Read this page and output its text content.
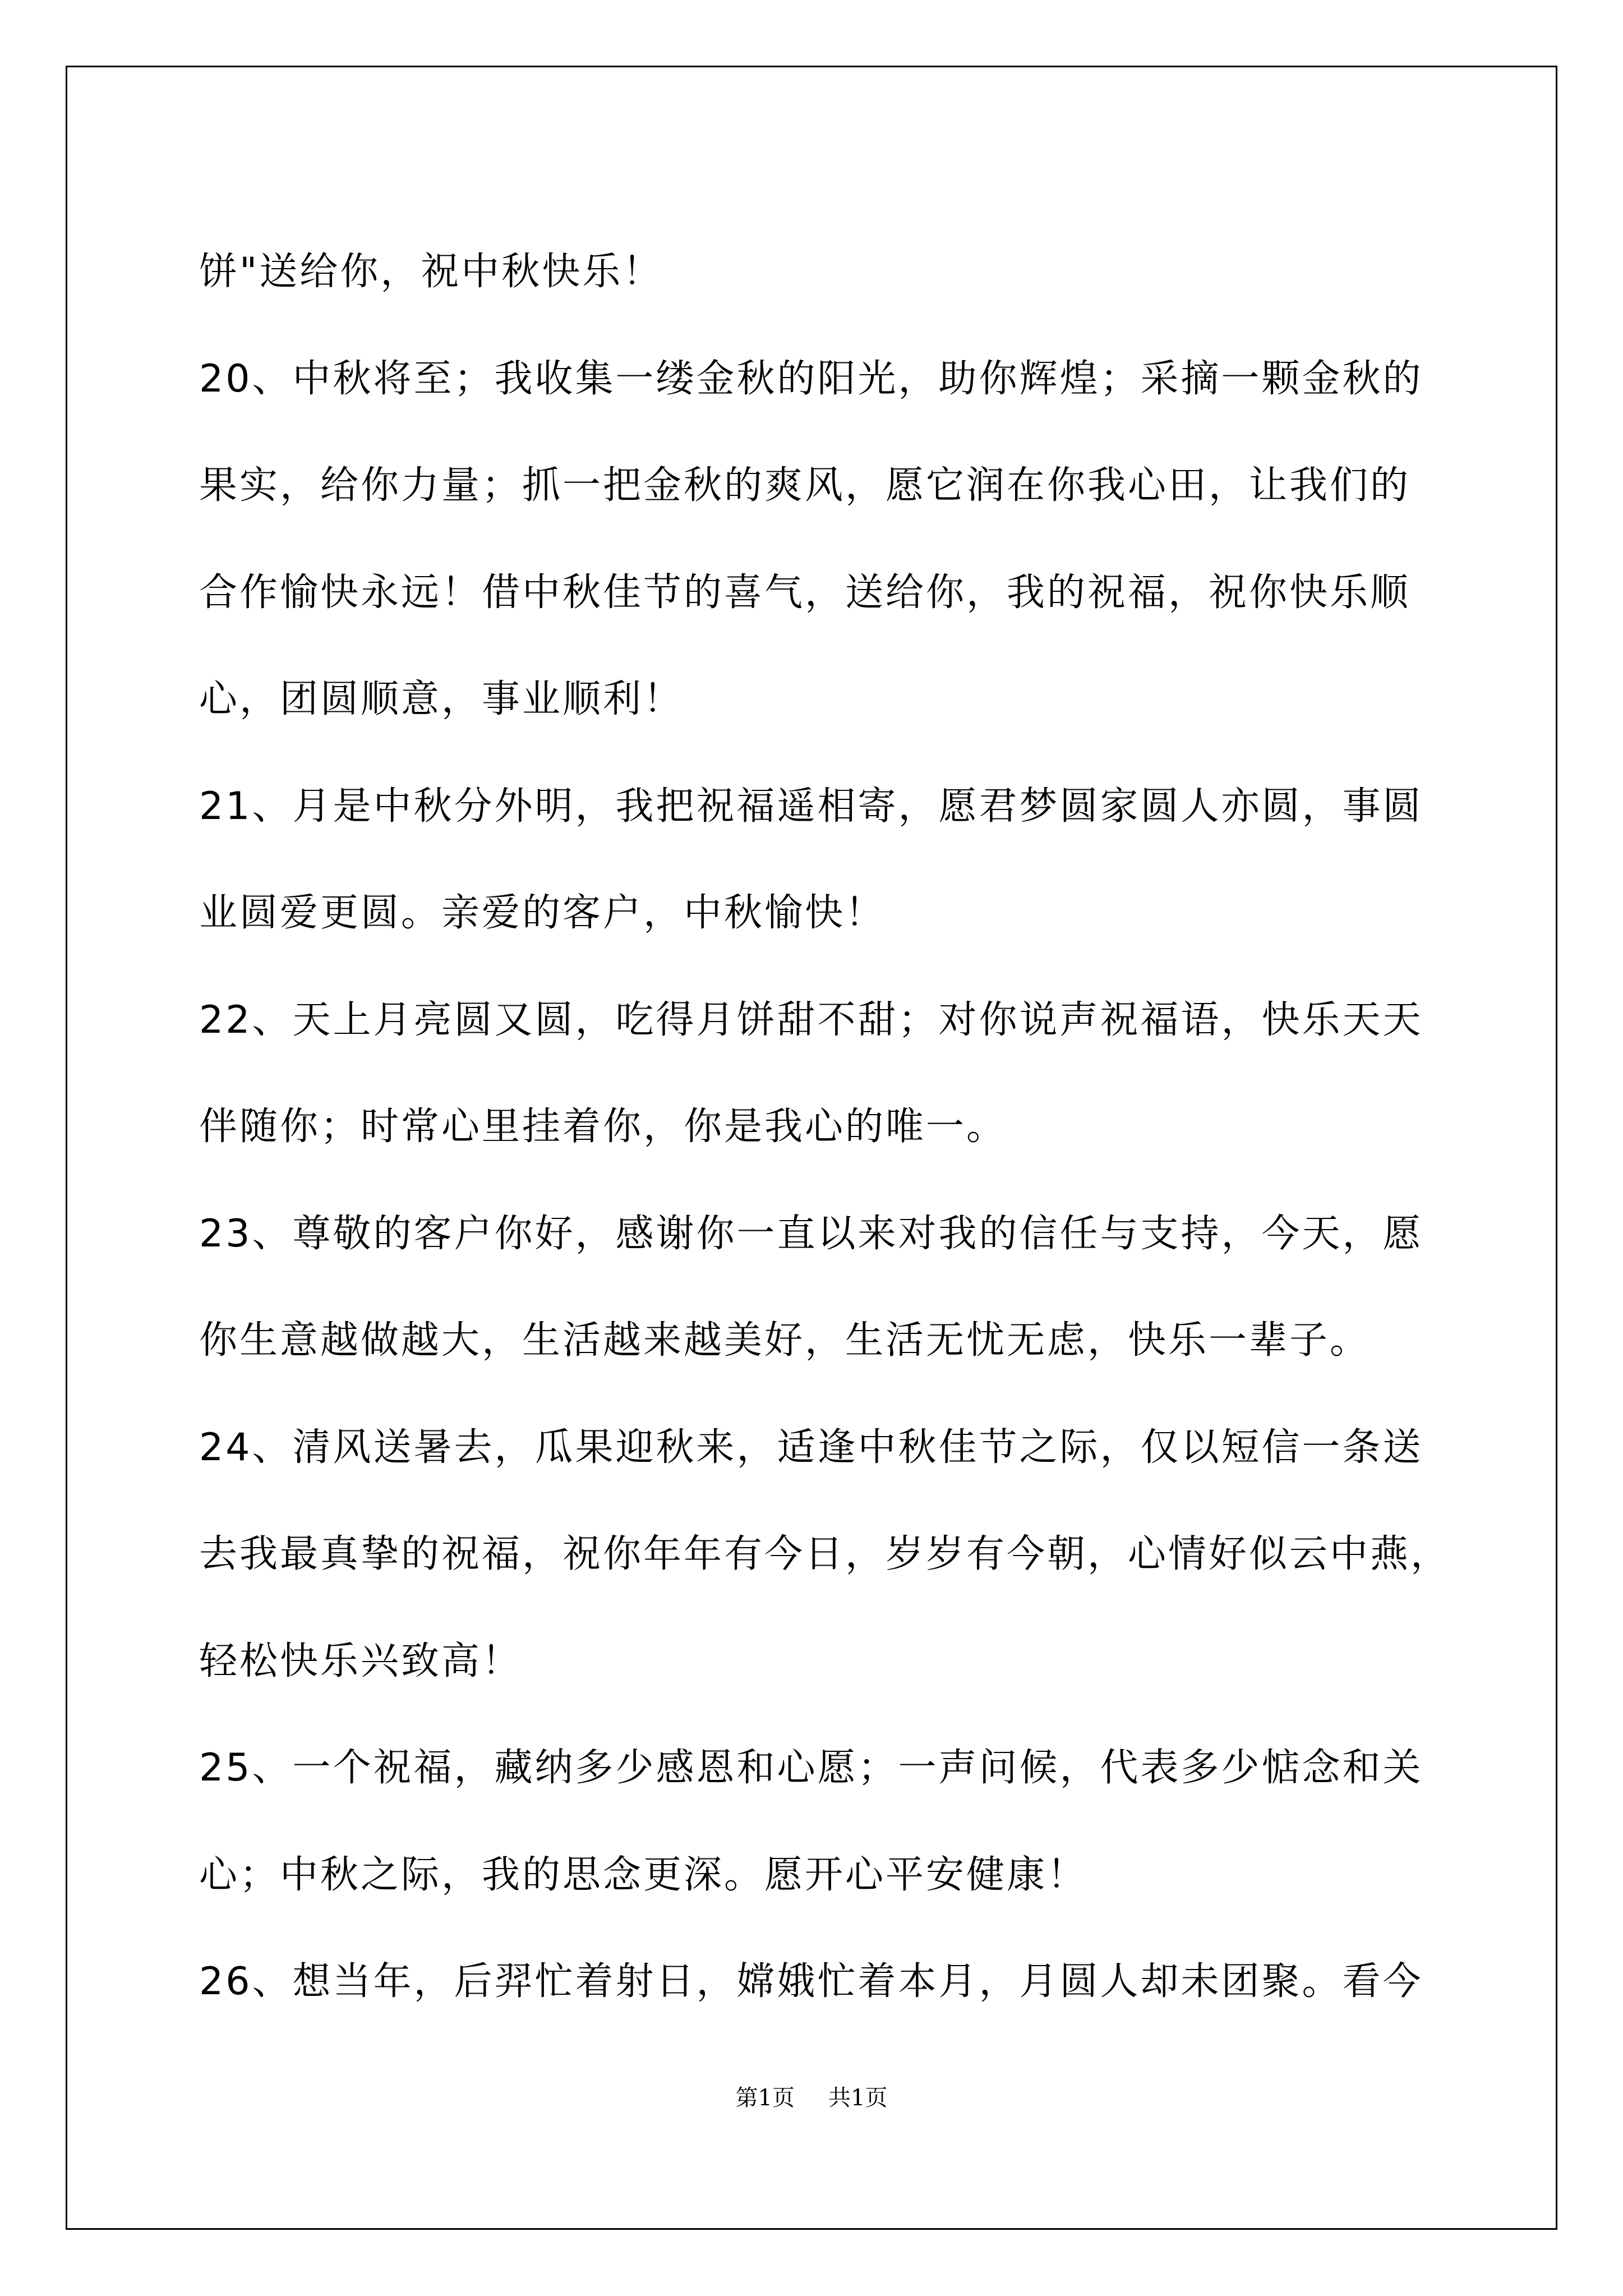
饼"送给你，祝中秋快乐！
20、中秋将至；我收集一缕金秋的阳光，助你辉煌；采摘一颗金秋的
果实，给你力量；抓一把金秋的爽风，愿它润在你我心田，让我们的
合作愉快永远！借中秋佳节的喜气，送给你，我的祝福，祝你快乐顺
心，团圆顺意，事业顺利！
21、月是中秋分外明，我把祝福遥相寄，愿君梦圆家圆人亦圆，事圆
业圆爱更圆。亲爱的客户，中秋愉快！
22、天上月亮圆又圆，吃得月饼甜不甜；对你说声祝福语，快乐天天
伴随你；时常心里挂着你，你是我心的唯一。
23、尊敬的客户你好，感谢你一直以来对我的信任与支持，今天，愿
你生意越做越大，生活越来越美好，生活无忧无虑，快乐一辈子。
24、清风送暑去，瓜果迎秋来，适逢中秋佳节之际，仅以短信一条送
去我最真挚的祝福，祝你年年有今日，岁岁有今朝，心情好似云中燕，
轻松快乐兴致高！
25、一个祝福，藏纳多少感恩和心愿；一声问候，代表多少惦念和关
心；中秋之际，我的思念更深。愿开心平安健康！
26、想当年，后羿忙着射日，嫦娥忙着本月，月圆人却未团聚。看今
第1页 共1页
